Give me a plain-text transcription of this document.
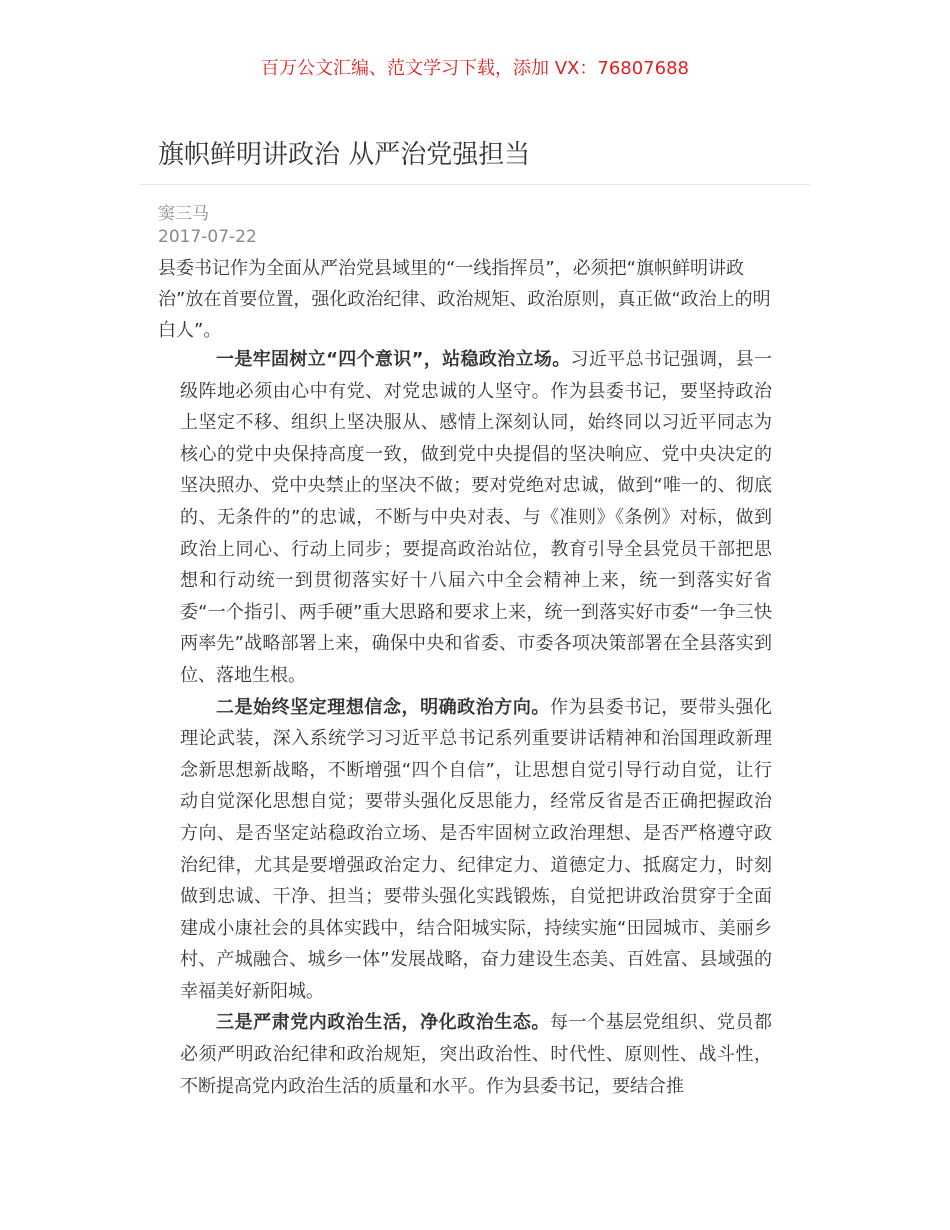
百万公文汇编、范文学习下载，添加 VX：76807688
旗帜鲜明讲政治 从严治党强担当
窦三马
2017-07-22

县委书记作为全面从严治党县域里的“一线指挥员”，必须把“旗帜鲜明讲政治”放在首要位置，强化政治纪律、政治规矩、政治原则，真正做“政治上的明白人”。

一是牢固树立“四个意识”，站稳政治立场。习近平总书记强调，县一级阵地必须由心中有党、对党忠诚的人坚守。作为县委书记，要坚持政治上坚定不移、组织上坚决服从、感情上深刻认同，始终同以习近平同志为核心的党中央保持高度一致，做到党中央提倡的坚决响应、党中央决定的坚决照办、党中央禁止的坚决不做；要对党绝对忠诚，做到“唯一的、彻底的、无条件的”的忠诚，不断与中央对表、与《准则》《条例》对标，做到政治上同心、行动上同步；要提高政治站位，教育引导全县党员干部把思想和行动统一到贯彻落实好十八届六中全会精神上来，统一到落实好省委“一个指引、两手硬”重大思路和要求上来，统一到落实好市委“一争三快两率先”战略部署上来，确保中央和省委、市委各项决策部署在全县落实到位、落地生根。

二是始终坚定理想信念，明确政治方向。作为县委书记，要带头强化理论武装，深入系统学习习近平总书记系列重要讲话精神和治国理政新理念新思想新战略，不断增强“四个自信”，让思想自觉引导行动自觉，让行动自觉深化思想自觉；要带头强化反思能力，经常反省是否正确把握政治方向、是否坚定站稳政治立场、是否牢固树立政治理想、是否严格遵守政治纪律，尤其是要增强政治定力、纪律定力、道德定力、抵腐定力，时刻做到忠诚、干净、担当；要带头强化实践锻炼，自觉把讲政治贯穿于全面建成小康社会的具体实践中，结合阳城实际，持续实施“田园城市、美丽乡村、产城融合、城乡一体”发展战略，奋力建设生态美、百姓富、县域强的幸福美好新阳城。

三是严肃党内政治生活，净化政治生态。每一个基层党组织、党员都必须严明政治纪律和政治规矩，突出政治性、时代性、原则性、战斗性，不断提高党内政治生活的质量和水平。作为县委书记，要结合推
